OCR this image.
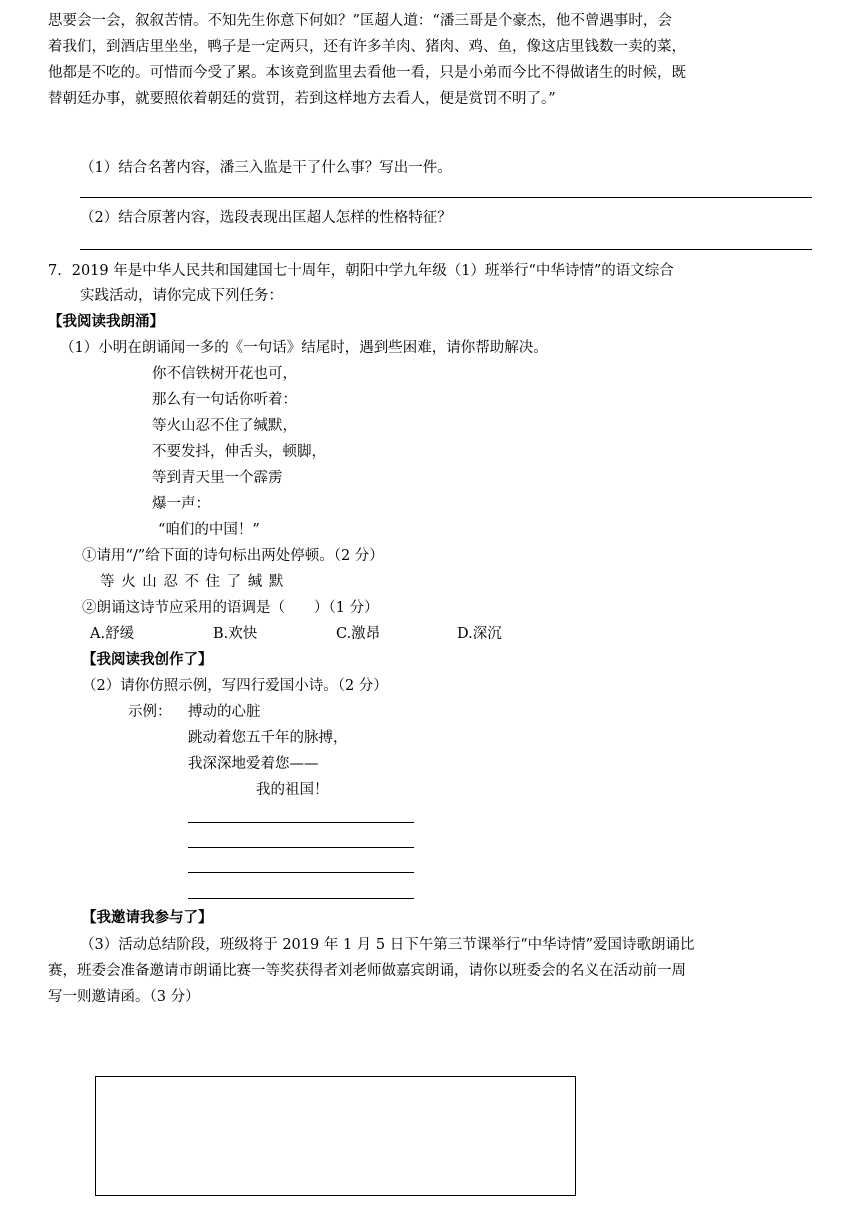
思要会一会，叙叙苦情。不知先生你意下何如？”匡超人道：“潘三哥是个豪杰，他不曾遇事时，会
着我们，到酒店里坐坐，鸭子是一定两只，还有许多羊肉、猪肉、鸡、鱼，像这店里钱数一卖的菜，
他都是不吃的。可惜而今受了累。本该竟到监里去看他一看，只是小弟而今比不得做诸生的时候，既
替朝廷办事，就要照依着朝廷的赏罚，若到这样地方去看人，便是赏罚不明了。”
（1）结合名著内容，潘三入监是干了什么事？写出一件。
（2）结合原著内容，选段表现出匡超人怎样的性格特征？
7．2019 年是中华人民共和国建国七十周年，朝阳中学九年级（1）班举行“中华诗情”的语文综合
实践活动，请你完成下列任务：
【我阅读我朗涌】
（1）小明在朗诵闻一多的《一句话》结尾时，遇到些困难，请你帮助解决。
你不信铁树开花也可，
那么有一句话你听着：
等火山忍不住了缄默，
不要发抖，伸舌头，顿脚，
等到青天里一个霹雳
爆一声：
“咱们的中国！”
①请用“/”给下面的诗句标出两处停顿。（2 分）
等 火 山 忍 不 住 了 缄 默
②朗诵这诗节应采用的语调是（　　）（1 分）
A.舒缓	B.欢快	C.激昂	D.深沉
【我阅读我创作了】
（2）请你仿照示例，写四行爱国小诗。（2 分）
示例： 搏动的心脏
跳动着您五千年的脉搏，
我深深地爱着您——
我的祖国！
【我邀请我参与了】
（3）活动总结阶段，班级将于 2019 年 1 月 5 日下午第三节课举行“中华诗情”爱国诗歌朗诵比
赛，班委会准备邀请市朗诵比赛一等奖获得者刘老师做嘉宾朗诵，请你以班委会的名义在活动前一周
写一则邀请函。（3 分）
